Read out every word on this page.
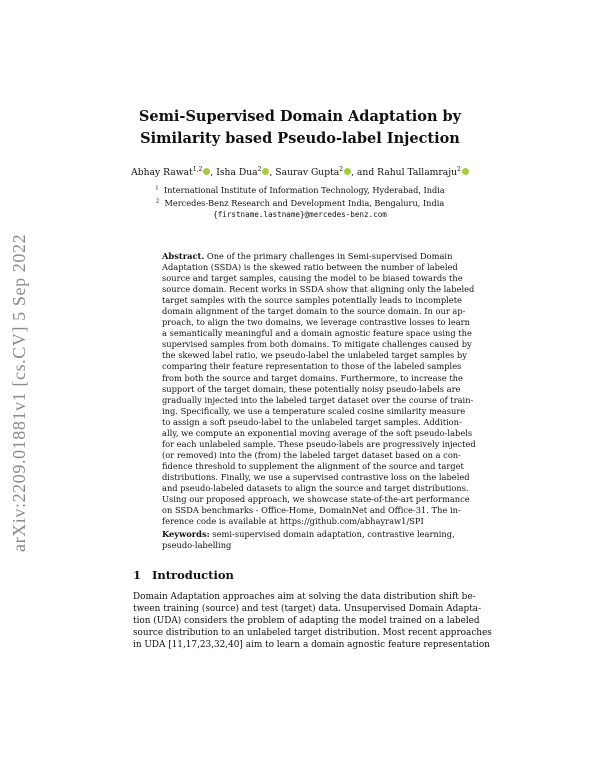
arXiv:2209.01881v1 [cs.CV] 5 Sep 2022
Semi-Supervised Domain Adaptation by
Similarity based Pseudo-label Injection
Abhay Rawat$^{1,2}$ , Isha Dua$^2$ , Saurav Gupta$^2$ , and Rahul Tallamraju$^2$
$^1$ International Institute of Information Technology, Hyderabad, India
$^2$ Mercedes-Benz Research and Development India, Bengaluru, India
{firstname.lastname}@mercedes-benz.com
Abstract. One of the primary challenges in Semi-supervised Domain
Adaptation (SSDA) is the skewed ratio between the number of labeled
source and target samples, causing the model to be biased towards the
source domain. Recent works in SSDA show that aligning only the labeled
target samples with the source samples potentially leads to incomplete
domain alignment of the target domain to the source domain. In our ap-
proach, to align the two domains, we leverage contrastive losses to learn
a semantically meaningful and a domain agnostic feature space using the
supervised samples from both domains. To mitigate challenges caused by
the skewed label ratio, we pseudo-label the unlabeled target samples by
comparing their feature representation to those of the labeled samples
from both the source and target domains. Furthermore, to increase the
support of the target domain, these potentially noisy pseudo-labels are
gradually injected into the labeled target dataset over the course of train-
ing. Specifically, we use a temperature scaled cosine similarity measure
to assign a soft pseudo-label to the unlabeled target samples. Addition-
ally, we compute an exponential moving average of the soft pseudo-labels
for each unlabeled sample. These pseudo-labels are progressively injected
(or removed) into the (from) the labeled target dataset based on a con-
fidence threshold to supplement the alignment of the source and target
distributions. Finally, we use a supervised contrastive loss on the labeled
and pseudo-labeled datasets to align the source and target distributions.
Using our proposed approach, we showcase state-of-the-art performance
on SSDA benchmarks - Office-Home, DomainNet and Office-31. The in-
ference code is available at https://github.com/abhayraw1/SPI
Keywords: semi-supervised domain adaptation, contrastive learning,
pseudo-labelling
1 Introduction
Domain Adaptation approaches aim at solving the data distribution shift be-
tween training (source) and test (target) data. Unsupervised Domain Adapta-
tion (UDA) considers the problem of adapting the model trained on a labeled
source distribution to an unlabeled target distribution. Most recent approaches
in UDA [11,17,23,32,40] aim to learn a domain agnostic feature representation
